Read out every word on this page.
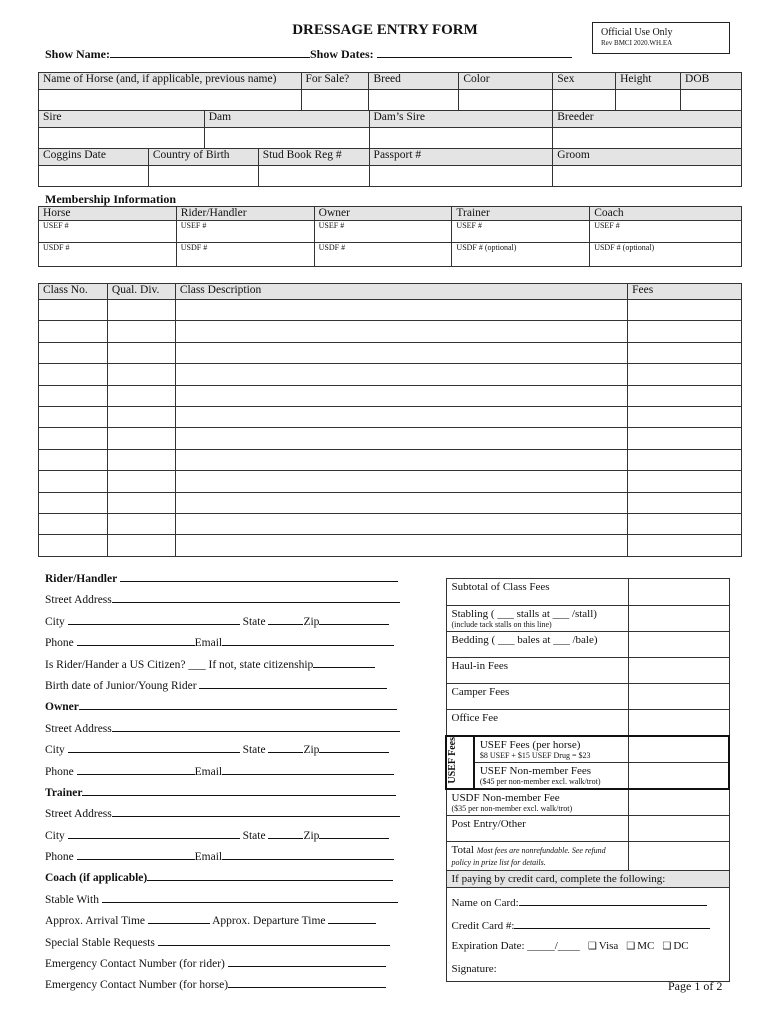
DRESSAGE ENTRY FORM	Official Use Only
Rev BMCI 2020.WH.EA
Show Name:	Show Dates:
Name of Horse (and, if applicable, previous name)	For Sale?	Breed	Color	Sex	Height	DOB

Sire	Dam	Dam’s Sire	Breeder

Coggins Date	Country of Birth	Stud Book Reg #	Passport #	Groom

Membership Information
Horse	Rider/Handler	Owner	Trainer	Coach
USEF #	USEF #	USEF #	USEF #	USEF #
USDF #	USDF #	USDF #	USDF # (optional)	USDF # (optional)
Class No.	Qual. Div.	Class Description	Fees

Rider/Handler
Street Address
City	State	Zip
Phone	Email
Is Rider/Hander a US Citizen? ___ If not, state citizenship
Birth date of Junior/Young Rider
Owner
Street Address
City	State	Zip
Phone	Email
Trainer
Street Address
City	State	Zip
Phone	Email
Coach (if applicable)
Stable With
Approx. Arrival Time	Approx. Departure Time
Special Stable Requests
Emergency Contact Number (for rider)
Emergency Contact Number (for horse)
Subtotal of Class Fees		

Stabling ( ___ stalls at ___ /stall)
(include tack stalls on this line)		

Bedding ( ___ bales at ___ /bale)		
Haul-in Fees		
Camper Fees		
Office Fee		

USEF Fees	USEF Fees (per horse)
$8 USEF + $15 USEF Drug = $23	

	USEF Non-member Fees
($45 per non-member excl. walk/trot)	

USDF Non-member Fee
($35 per non-member excl. walk/trot)		

Post Entry/Other		
Total Most fees are nonrefundable. See refund policy in prize list for details.		
If paying by credit card, complete the following:		

Name on Card:
Credit Card #:
Expiration Date: _____/____ ❑ Visa ❑ MC ❑ DC
Signature:		
Page 1 of 2
